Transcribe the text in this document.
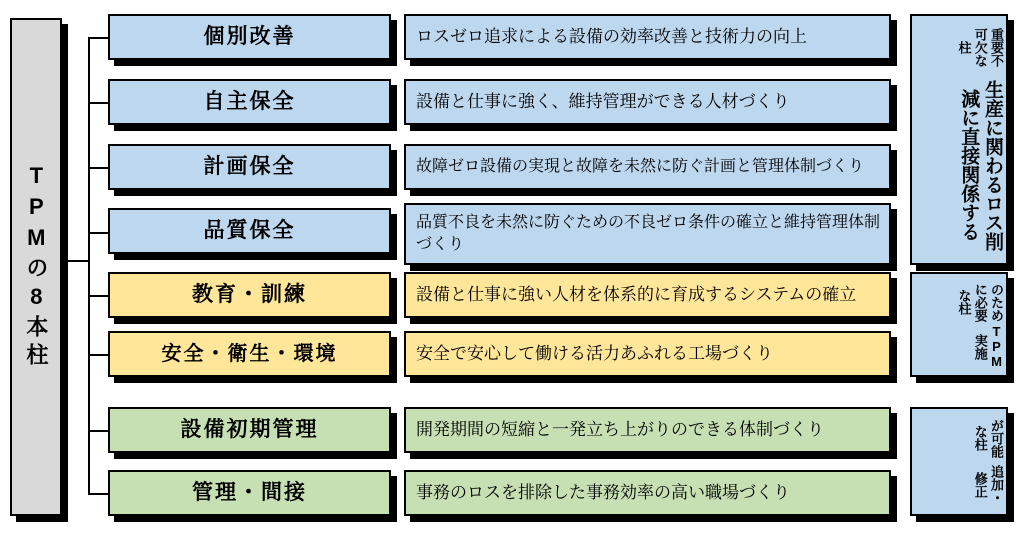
TPMの8本柱
個別改善	ロスゼロ追求による設備の効率改善と技術力の向上
自主保全	設備と仕事に強く、維持管理ができる人材づくり
計画保全	故障ゼロ設備の実現と故障を未然に防ぐ計画と管理体制づくり
品質保全	品質不良を未然に防ぐための不良ゼロ条件の確立と維持管理体制づくり
教育・訓練	設備と仕事に強い人材を体系的に育成するシステムの確立
安全・衛生・環境	安全で安心して働ける活力あふれる工場づくり
設備初期管理	開発期間の短縮と一発立ち上がりのできる体制づくり
管理・間接	事務のロスを排除した事務効率の高い職場づくり
重要不可欠な柱
生産に関わるロス削減に直接関係する
のために必要な柱
TPM実施
が可能な柱
追加・修正
